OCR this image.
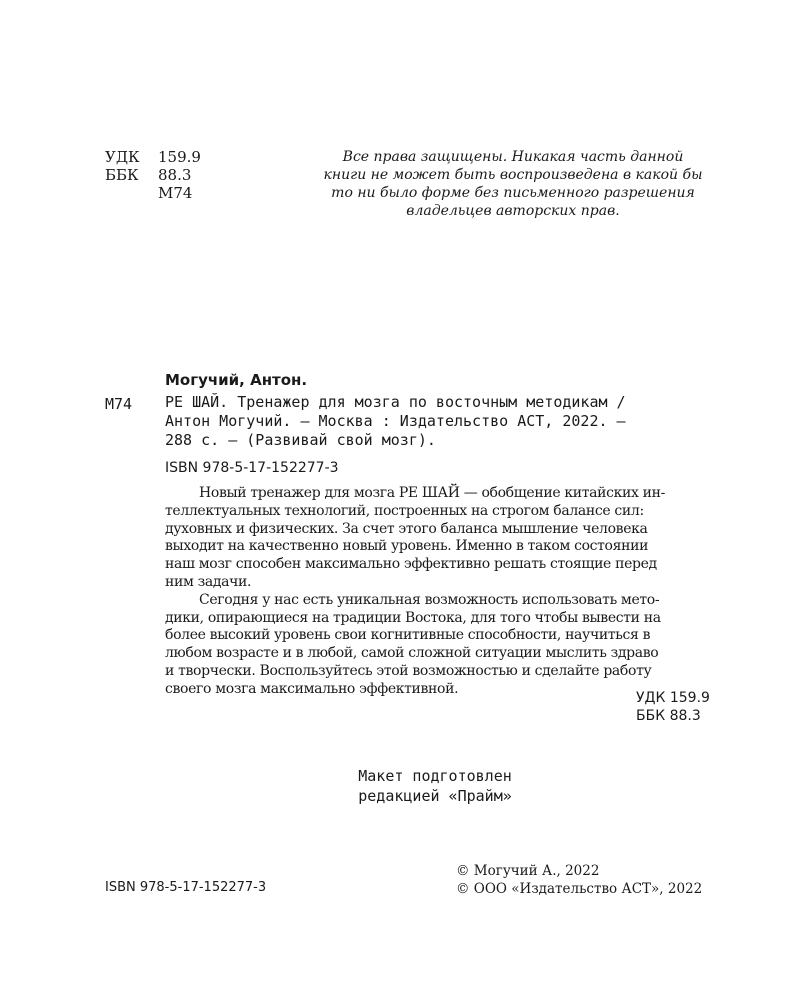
УДК	159.9
ББК	88.3
М74
Все права защищены. Никакая часть данной
книги не может быть воспроизведена в какой бы
то ни было форме без письменного разрешения
владельцев авторских прав.
Могучий, Антон.
М74 РЕ ШАЙ. Тренажер для мозга по восточным методикам /
Антон Могучий. — Москва : Издательство АСТ, 2022. —
288 с. — (Развивай свой мозг).
ISBN 978-5-17-152277-3
Новый тренажер для мозга РЕ ШАЙ — обобщение китайских ин-
теллектуальных технологий, построенных на строгом балансе сил:
духовных и физических. За счет этого баланса мышление человека
выходит на качественно новый уровень. Именно в таком состоянии
наш мозг способен максимально эффективно решать стоящие перед
ним задачи.
Сегодня у нас есть уникальная возможность использовать мето-
дики, опирающиеся на традиции Востока, для того чтобы вывести на
более высокий уровень свои когнитивные способности, научиться в
любом возрасте и в любой, самой сложной ситуации мыслить здраво
и творчески. Воспользуйтесь этой возможностью и сделайте работу
своего мозга максимально эффективной.
УДК 159.9
ББК 88.3
Макет подготовлен
редакцией «Прайм»
ISBN 978-5-17-152277-3
© Могучий А., 2022
© ООО «Издательство АСТ», 2022
